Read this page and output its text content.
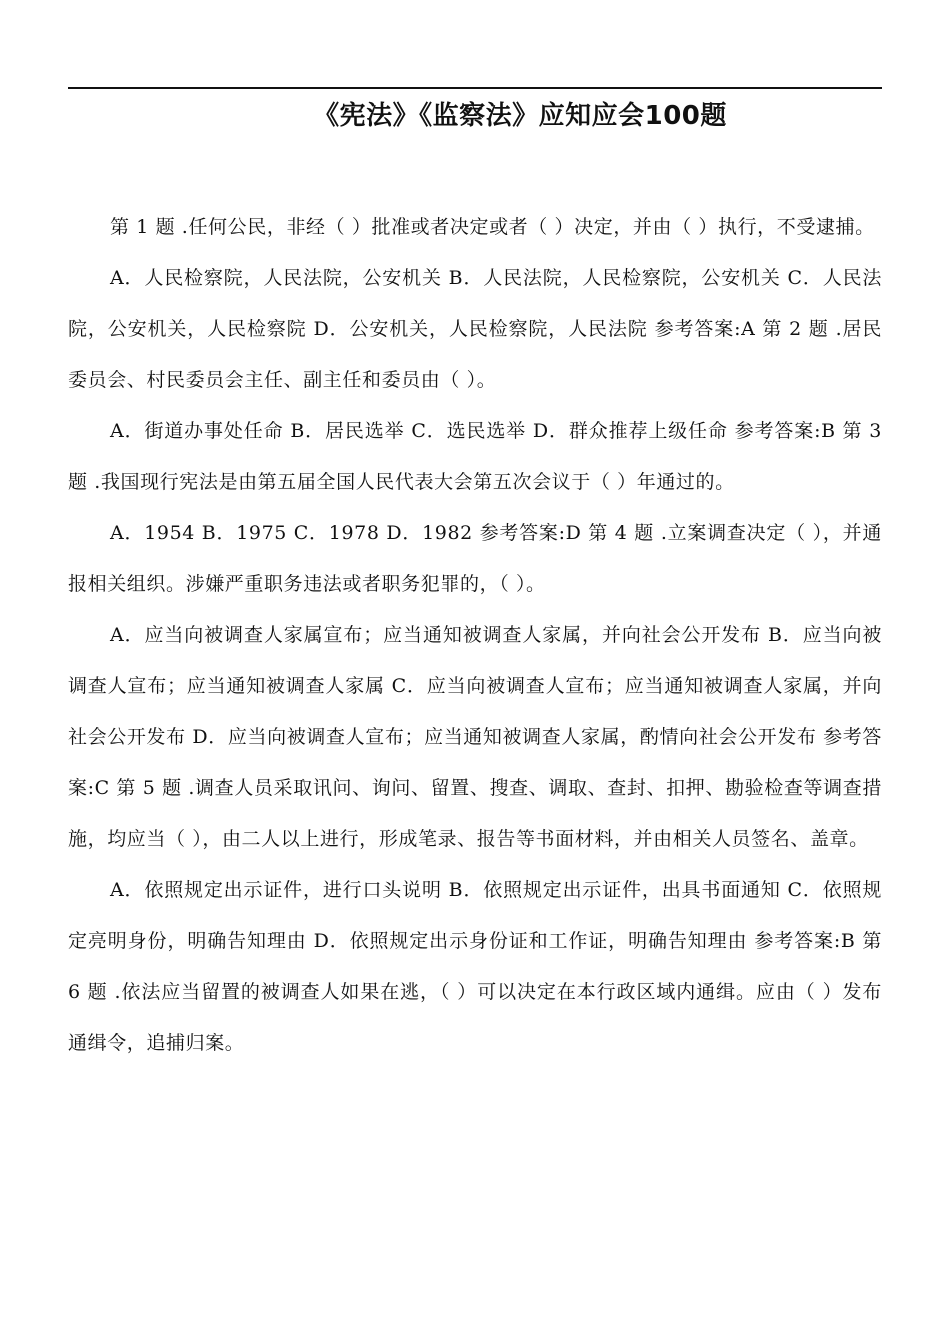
《宪法》《监察法》应知应会100题

第 1 题 .任何公民，非经（ ）批准或者决定或者（ ）决定，并由（ ）执行，不受逮捕。

A．人民检察院，人民法院，公安机关 B．人民法院，人民检察院，公安机关 C．人民法院，公安机关，人民检察院 D．公安机关，人民检察院，人民法院 参考答案:A 第 2 题 .居民委员会、村民委员会主任、副主任和委员由（ ）。

A．街道办事处任命 B．居民选举 C．选民选举 D．群众推荐上级任命 参考答案:B 第 3 题 .我国现行宪法是由第五届全国人民代表大会第五次会议于（ ）年通过的。

A．1954 B．1975 C．1978 D．1982 参考答案:D 第 4 题 .立案调查决定（ ），并通报相关组织。涉嫌严重职务违法或者职务犯罪的，（ ）。

A．应当向被调查人家属宣布；应当通知被调查人家属，并向社会公开发布 B．应当向被调查人宣布；应当通知被调查人家属 C．应当向被调查人宣布；应当通知被调查人家属，并向社会公开发布 D．应当向被调查人宣布；应当通知被调查人家属，酌情向社会公开发布 参考答案:C 第 5 题 .调查人员采取讯问、询问、留置、搜查、调取、查封、扣押、勘验检查等调查措施，均应当（ ），由二人以上进行，形成笔录、报告等书面材料，并由相关人员签名、盖章。

A．依照规定出示证件，进行口头说明 B．依照规定出示证件，出具书面通知 C．依照规定亮明身份，明确告知理由 D．依照规定出示身份证和工作证，明确告知理由 参考答案:B 第 6 题 .依法应当留置的被调查人如果在逃，（ ）可以决定在本行政区域内通缉。应由（ ）发布通缉令，追捕归案。
